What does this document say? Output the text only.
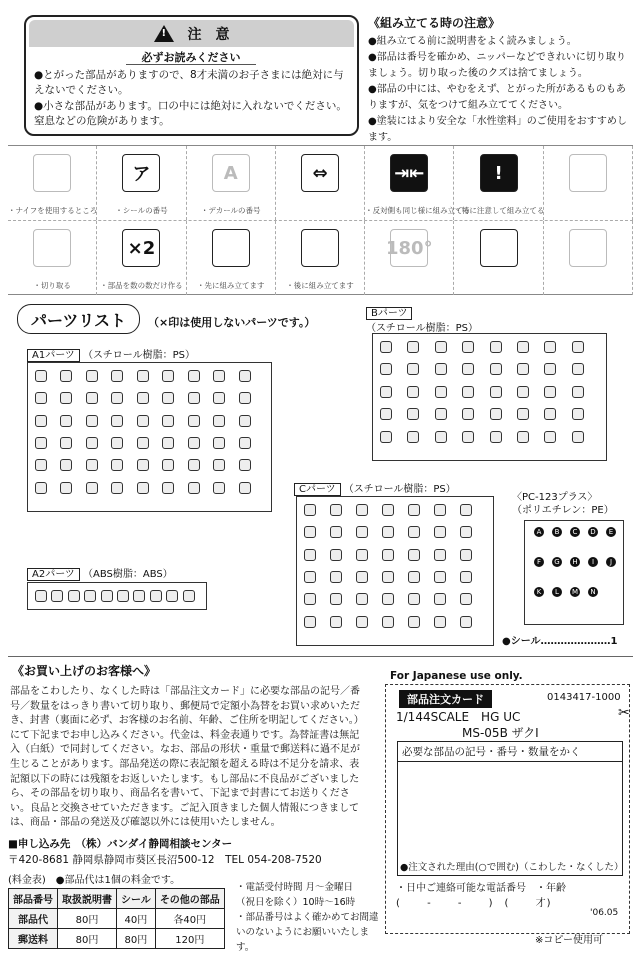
!
注　意
必ずお読みください
●とがった部品がありますので、8才未満のお子さまには絶対に与えないでください。
●小さな部品があります。口の中には絶対に入れないでください。窒息などの危険があります。
《組み立てる時の注意》
●組み立てる前に説明書をよく読みましょう。
●部品は番号を確かめ、ニッパーなどできれいに切り取りましょう。切り取った後のクズは捨てましょう。
●部品の中には、やむをえず、とがった所があるものもありますが、気をつけて組み立ててください。
●塗装にはより安全な「水性塗料」のご使用をおすすめします。
・ナイフを使用するところ
ア
・シールの番号
A
・デカールの番号
⇔	⇥⇤
・反対側も同じ様に組み立てる
!
・特に注意して組み立てる
・切り取る
×2
・部品を数の数だけ作る	・先に組み立てます	・後に組み立てます
180°
パーツリスト	（×印は使用しないパーツです。）
A1パーツ （スチロール樹脂：PS）
A2パーツ （ABS樹脂：ABS）
Bパーツ
（スチロール樹脂：PS）
Cパーツ （スチロール樹脂：PS）
〈PC-123プラス〉
（ポリエチレン：PE）
A	B	C	D	E
F	G	H	I	J
K	L	M	N
●シール…………………1
《お買い上げのお客様へ》
部品をこわしたり、なくした時は「部品注文カード」に必要な部品の記号／番号／数量をはっきり書いて切り取り、郵便局で定額小為替をお買い求めいただき、封書（裏面に必ず、お客様のお名前、年齢、ご住所を明記してください。）にて下記までお申し込みください。代金は、料金表通りです。為替証書は無記入（白紙）で同封してください。なお、部品の形状・重量で郵送料に過不足が生じることがあります。部品発送の際に表記額を超える時は不足分を請求、表記額以下の時には残額をお返しいたします。もし部品に不良品がございましたら、その部品を切り取り、商品名を書いて、下記まで封書にてお送りください。良品と交換させていただきます。ご記入頂きました個人情報につきましては、商品・部品の発送及び確認以外には使用いたしません。
■申し込み先　（株）バンダイ静岡相談センター
〒420-8681 静岡県静岡市葵区長沼500-12　TEL 054-208-7520
(料金表)　●部品代は1個の料金です。
部品番号	取扱説明書	シール	その他の部品
部品代	80円	40円	各40円
郵送料	80円	80円	120円
・電話受付時間 月〜金曜日
（祝日を除く）10時〜16時
・部品番号はよく確かめてお間違
いのないようにお願いいたします。
For Japanese use only.
部品注文カード	0143417-1000
1/144SCALE　HG UC
MS-05B ザクⅠ
✂
必要な部品の記号・番号・数量をかく
●注文された理由(○で囲む)（こわした・なくした）
・日中ご連絡可能な電話番号　・年齢
(　　 -　　 -　　 )　(　　 才)
'06.05
※コピー使用可
